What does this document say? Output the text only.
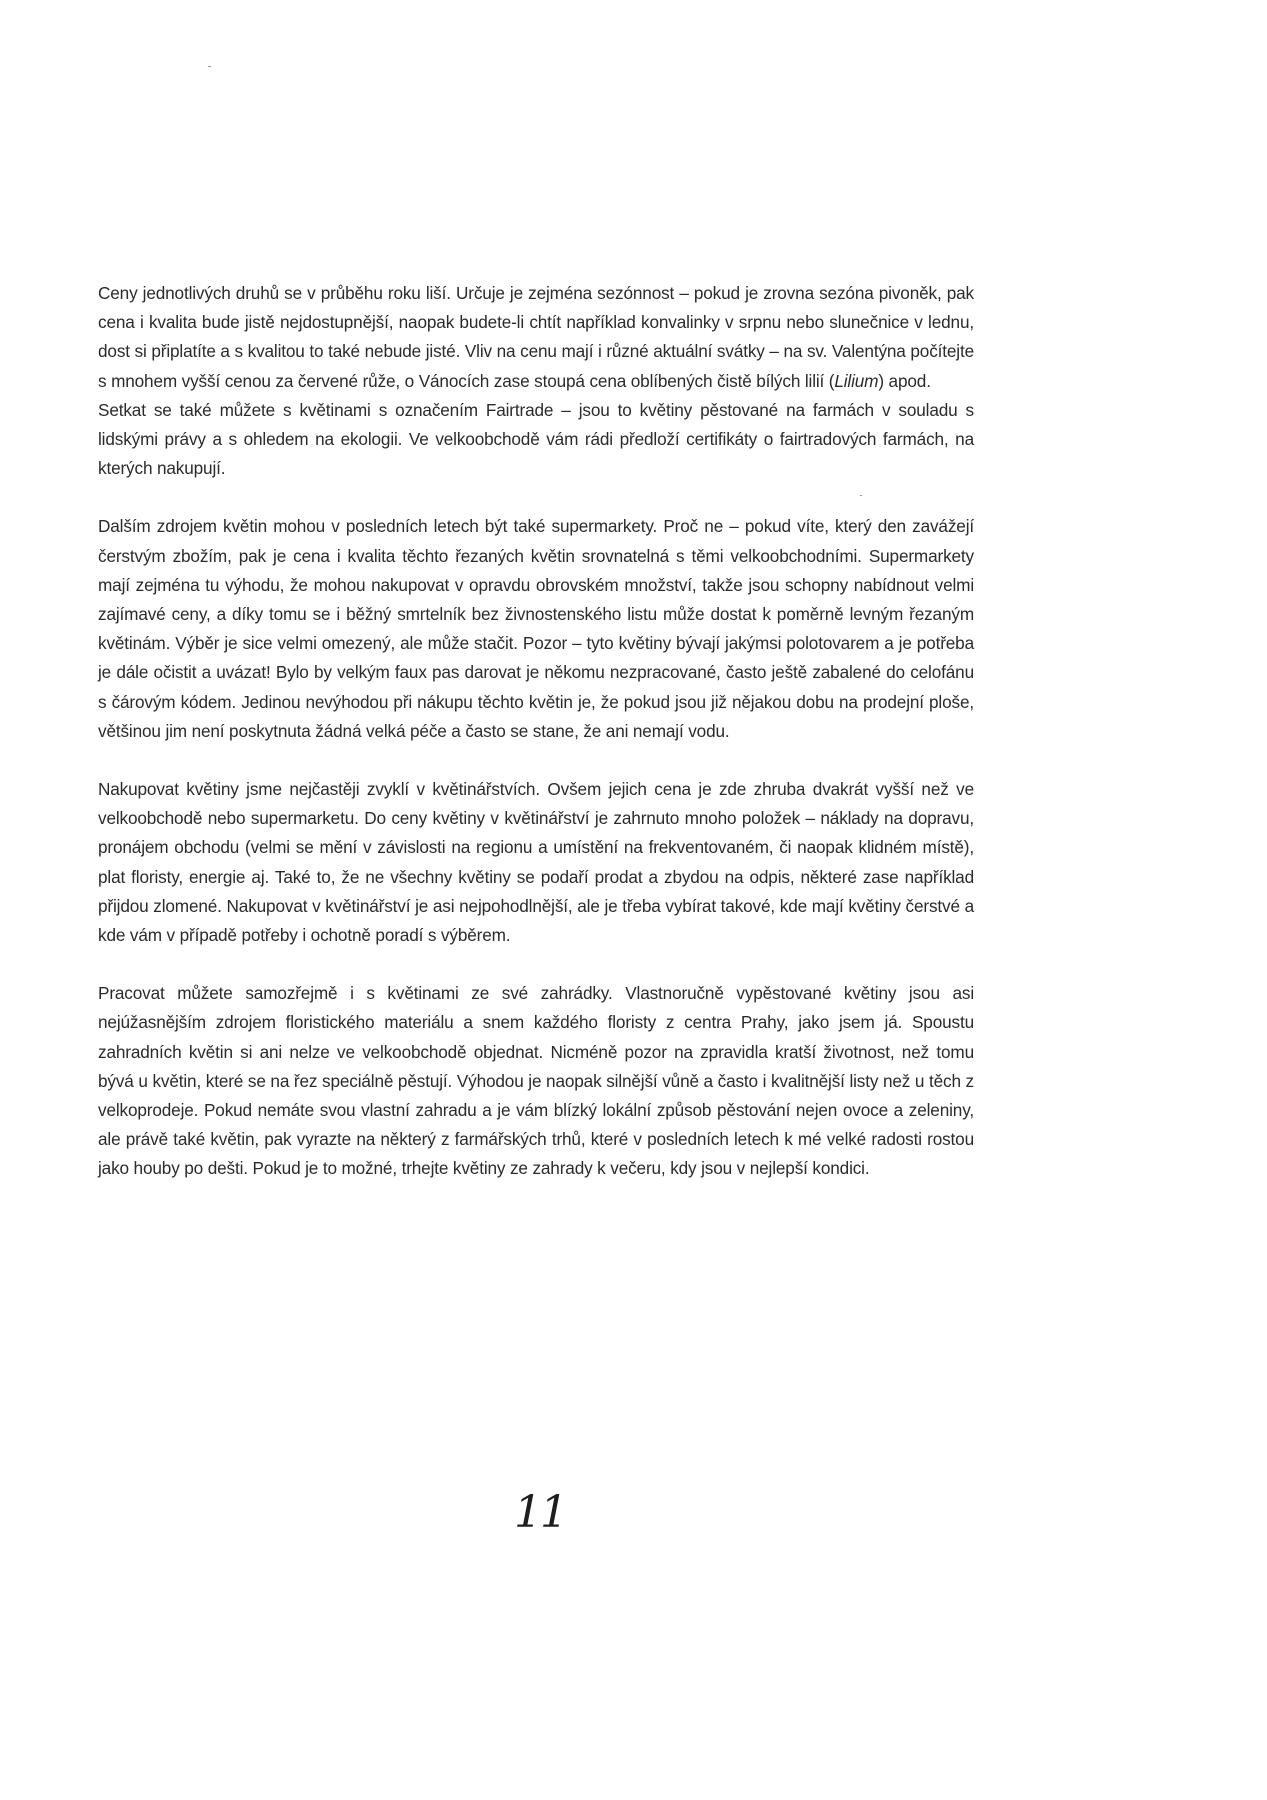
Ceny jednotlivých druhů se v průběhu roku liší. Určuje je zejména sezónnost – pokud je zrovna sezóna pivoněk, pak cena i kvalita bude jistě nejdostupnější, naopak budete-li chtít například konvalinky v srpnu nebo slunečnice v lednu, dost si připlatíte a s kvalitou to také nebude jisté. Vliv na cenu mají i různé aktuální svátky – na sv. Valentýna počítejte s mnohem vyšší cenou za červené růže, o Vánocích zase stoupá cena oblíbených čistě bílých lilií (Lilium) apod.

Setkat se také můžete s květinami s označením Fairtrade – jsou to květiny pěstované na farmách v souladu s lidskými právy a s ohledem na ekologii. Ve velkoobchodě vám rádi předloží certifikáty o fairtradových farmách, na kterých nakupují.

Dalším zdrojem květin mohou v posledních letech být také supermarkety. Proč ne – pokud víte, který den zavážejí čerstvým zbožím, pak je cena i kvalita těchto řezaných květin srovnatelná s těmi velkoobchodními. Supermarkety mají zejména tu výhodu, že mohou nakupovat v opravdu obrovském množství, takže jsou schopny nabídnout velmi zajímavé ceny, a díky tomu se i běžný smrtelník bez živnostenského listu může dostat k poměrně levným řezaným květinám. Výběr je sice velmi omezený, ale může stačit. Pozor – tyto květiny bývají jakýmsi polotovarem a je potřeba je dále očistit a uvázat! Bylo by velkým faux pas darovat je někomu nezpracované, často ještě zabalené do celofánu s čárovým kódem. Jedinou nevýhodou při nákupu těchto květin je, že pokud jsou již nějakou dobu na prodejní ploše, většinou jim není poskytnuta žádná velká péče a často se stane, že ani nemají vodu.

Nakupovat květiny jsme nejčastěji zvyklí v květinářstvích. Ovšem jejich cena je zde zhruba dvakrát vyšší než ve velkoobchodě nebo supermarketu. Do ceny květiny v květinářství je zahrnuto mnoho položek – náklady na dopravu, pronájem obchodu (velmi se mění v závislosti na regionu a umístění na frekventovaném, či naopak klidném místě), plat floristy, energie aj. Také to, že ne všechny květiny se podaří prodat a zbydou na odpis, některé zase například přijdou zlomené. Nakupovat v květinářství je asi nejpohodlnější, ale je třeba vybírat takové, kde mají květiny čerstvé a kde vám v případě potřeby i ochotně poradí s výběrem.

Pracovat můžete samozřejmě i s květinami ze své zahrádky. Vlastnoručně vypěstované květiny jsou asi nejúžasnějším zdrojem floristického materiálu a snem každého floristy z centra Prahy, jako jsem já. Spoustu zahradních květin si ani nelze ve velkoobchodě objednat. Nicméně pozor na zpravidla kratší životnost, než tomu bývá u květin, které se na řez speciálně pěstují. Výhodou je naopak silnější vůně a často i kvalitnější listy než u těch z velkoprodeje. Pokud nemáte svou vlastní zahradu a je vám blízký lokální způsob pěstování nejen ovoce a zeleniny, ale právě také květin, pak vyrazte na některý z farmářských trhů, které v posledních letech k mé velké radosti rostou jako houby po dešti. Pokud je to možné, trhejte květiny ze zahrady k večeru, kdy jsou v nejlepší kondici.

11
